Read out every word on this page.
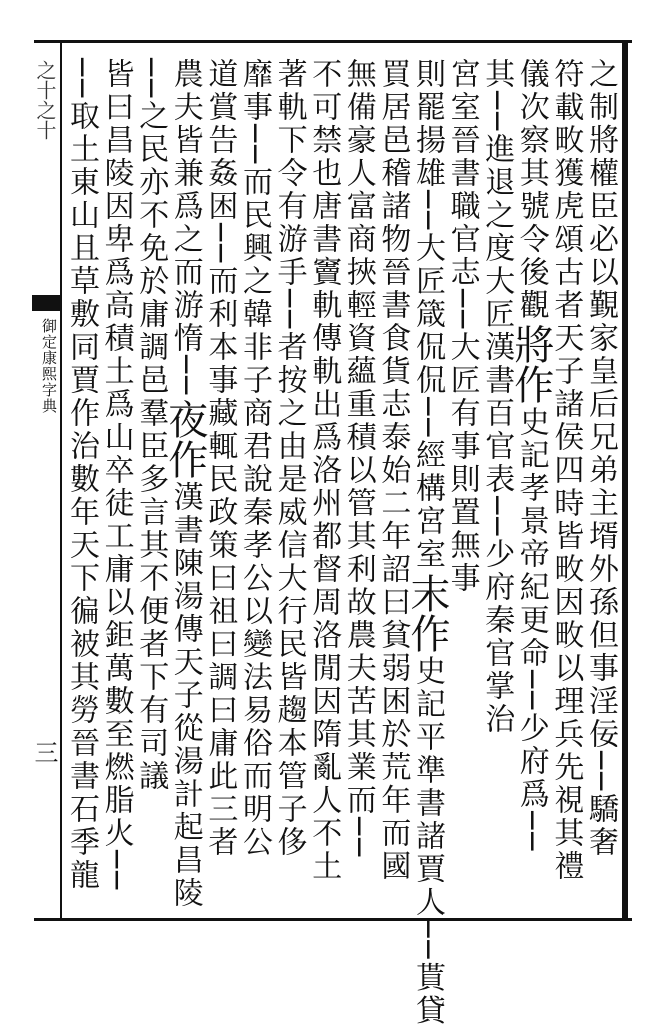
之十之十
御定康熙字典
三	之制將權臣必以覲家皇后兄弟主壻外孫但事淫佞──驕奢
符載畋獲虎頌古者天子諸侯四時皆畋因畋以理兵先視其禮
儀次察其號令後觀將作史記孝景帝紀更命──少府爲──
其──進退之度大匠漢書百官表──少府秦官掌治
宮室晉書職官志──大匠有事則置無事
則罷揚雄──大匠箴侃侃──經構宮室末作史記平準書諸賈人──貰貸
買居邑稽諸物晉書食貨志泰始二年詔曰貧弱困於荒年而國
無備豪人富商挾輕資蘊重積以管其利故農夫苦其業而──
不可禁也唐書竇軌傳軌出爲洛州都督周洛閒因隋亂人不土
著軌下令有游手──者按之由是威信大行民皆趨本管子侈
靡事──而民興之韓非子商君說秦孝公以變法易俗而明公
道賞告姦困──而利本事藏輒民政策曰祖曰調曰庸此三者
農夫皆兼爲之而游惰──夜作漢書陳湯傳天子從湯計起昌陵
──之民亦不免於庸調邑羣臣多言其不便者下有司議
皆曰昌陵因卑爲高積土爲山卒徒工庸以鉅萬數至燃脂火──
──取土東山且草敷同賈作治數年天下徧被其勞晉書石季龍
